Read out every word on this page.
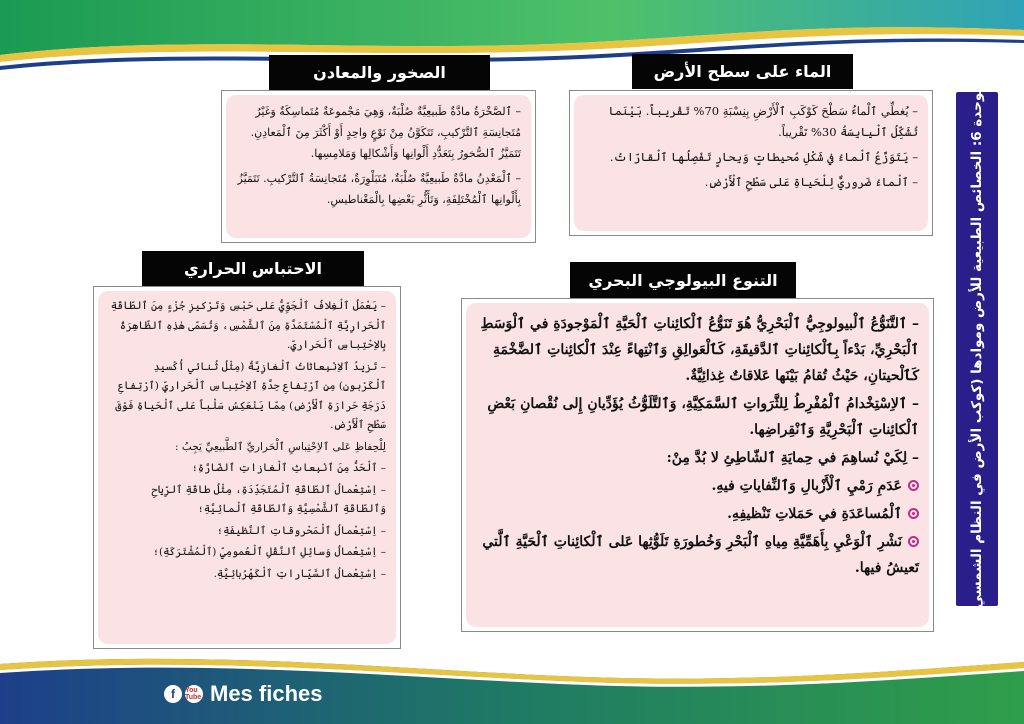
الوحدة 6: الخصائص الطبيعية للأرض وموادها (كوكب الأرض في النظام الشمسي)
الماء على سطح الأرض

– يُغطِّي ٱلْماءُ سَطْحَ كَوْكَبِ ٱلْأَرْضِ بِنِسْبَةِ 70% تَقْريباً. بَيْنَما تُشَكِّلُ ٱلْيابِسَةُ 30% تَقْريباً.

– يَتَوَزَّعُ ٱلْماءُ في شَكْلِ مُحيطاتٍ وَبِحارٍ تَفْصِلُها ٱلْقارّاتُ.

– ٱلْماءُ ضَروريٌّ لِلْحَياةِ عَلى سَطْحِ ٱلْأَرْضِ.

الصخور والمعادن

– ٱلصَّخْرَةُ مادَّةٌ طَبيعِيَّةٌ صُلْبَةٌ، وَهِيَ مَجْموعَةٌ مُتَماسِكَةٌ وَغَيْرُ مُتَجانِسَةِ ٱلتَّرْكيبِ، تَتَكَوَّنُ مِنْ نَوْعٍ واحِدٍ أَوْ أَكْثَرَ مِنَ ٱلْمَعادِنِ. تَتَمَيَّزُ ٱلصُّخورُ بِتَعَدُّدِ أَلْوانِها وَأَشْكالِها وَمَلامِسِها.

– ٱلْمَعْدِنُ مادَّةٌ طَبيعِيَّةٌ صُلْبَةٌ، مُتَبَلْوِرَةٌ، مُتَجانِسَةُ ٱلتَّرْكيبِ. تَتَمَيَّزُ بِأَلْوانِها ٱلْمُخْتَلِفَةِ، وَتَأَثُّرِ بَعْضِها بِالْمَغْناطيسِ.

التنوع البيولوجي البحري

– ٱلتَّنَوُّعُ ٱلْبيولوجِيُّ ٱلْبَحْرِيُّ هُوَ تَنَوُّعُ ٱلْكائِناتِ ٱلْحَيَّةِ ٱلْمَوْجودَةِ في ٱلْوَسَطِ ٱلْبَحْرِيِّ، بَدْءاً بِٱلْكائِناتِ ٱلدَّقيقَةِ، كَٱلْعَوالِقِ وَٱنْتِهاءً عِنْدَ ٱلْكائِناتِ ٱلضَّخْمَةِ كَٱلْحيتانِ، حَيْثُ تُقامُ بَيْنَها عَلاقاتٌ غِذائِيَّةٌ.

– ٱلاِسْتِخْدامُ ٱلْمُفْرِطُ لِلثَّرَواتِ ٱلسَّمَكِيَّةِ، وَٱلتَّلَوُّثُ يُؤَدِّيانِ إِلى نُقْصانِ بَعْضِ ٱلْكائِناتِ ٱلْبَحْرِيَّةِ وَٱنْقِراضِها.

– لِكَيْ نُساهِمَ في حِمايَةِ ٱلشّاطِئِ لا بُدَّ مِنْ:

عَدَمِ رَمْيِ ٱلْأَزْبالِ وَٱلنِّفاياتِ فيهِ.

ٱلْمُساعَدَةِ في حَمَلاتِ تَنْظيفِهِ.

نَشْرِ ٱلْوَعْيِ بِأَهَمِّيَّةِ مِياهِ ٱلْبَحْرِ وَخُطورَةِ تَلَوُّثِها عَلى ٱلْكائِناتِ ٱلْحَيَّةِ ٱلَّتي تَعيشُ فيها.

الاحتباس الحراري

– يَعْمَلُ ٱلْغِلافُ ٱلْجَوِّيُّ عَلى حَبْسِ وَتَرْكيزِ جُزْءٍ مِنَ ٱلطّاقَةِ ٱلْحَرارِيَّةِ ٱلْمُسْتَمَدَّةِ مِنَ ٱلشَّمْسِ، وَتُسَمّى هٰذِهِ ٱلظّاهِرَةُ بِالاِحْتِباسِ ٱلْحَراريِّ.

– تَزيدُ ٱلاِنْبِعاثاتُ ٱلْغازِيَّةُ (مِثْلُ ثُنائي أُكْسيدِ ٱلْكَرْبونِ) مِنِ ٱرْتِفاعِ حِدَّةِ ٱلاِحْتِباسِ ٱلْحَراريِّ (ٱرْتِفاعِ دَرَجَةِ حَرارَةِ ٱلْأَرْضِ) مِمّا يَنْعَكِسُ سَلْباً عَلى ٱلْحَياةِ فَوْقَ سَطْحِ ٱلْأَرْضِ.

لِلْحِفاظِ عَلى ٱلاِحْتِباسِ ٱلْحَراريِّ ٱلطَّبيعِيِّ يَجِبُ :

– ٱلْحَدُّ مِنَ ٱنْبِعاثِ ٱلْغازاتِ ٱلضّارَّةِ؛

– اِسْتِعْمالُ ٱلطّاقَةِ ٱلْمُتَجَدِّدَةِ، مِثْلُ طاقَةِ ٱلرِّياحِ وَٱلطّاقَةِ ٱلشَّمْسِيَّةِ وَٱلطّاقَةِ ٱلْمائِيَّةِ؛

– اِسْتِعْمالُ ٱلْمَحْروقاتِ ٱلنَّظيفَةِ؛

– اِسْتِعْمالُ وَسائِلِ ٱلنَّقْلِ ٱلْعُمومِيِّ (ٱلْمُشْتَرَكَةِ)؛

– اِسْتِعْمالُ ٱلسَّيّاراتِ ٱلْكَهْرُبائِيَّةِ.

f	You Tube Mes fiches
